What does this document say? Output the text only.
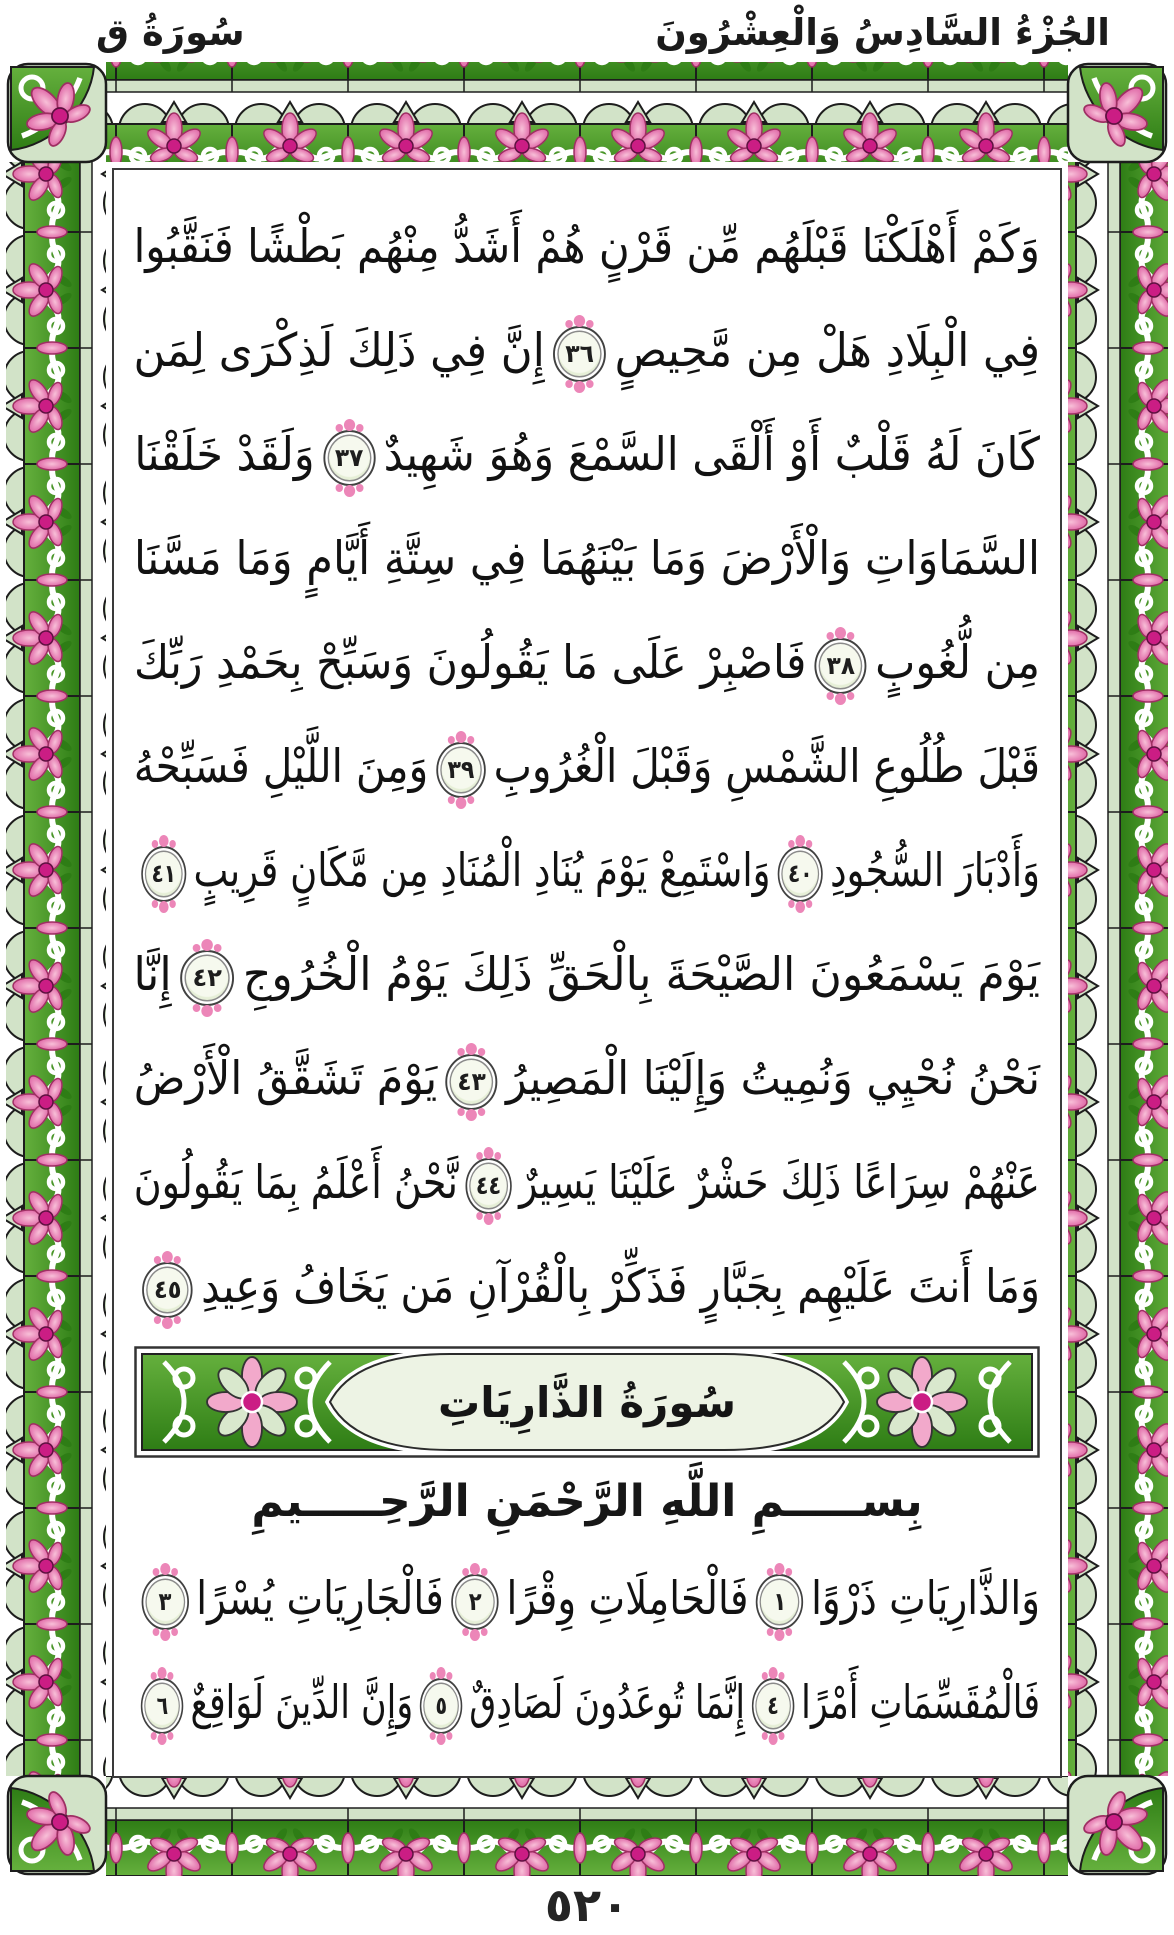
الجُزْءُ السَّادِسُ وَالْعِشْرُونَ
سُورَةُ ق
وَكَمْ أَهْلَكْنَا قَبْلَهُم مِّن قَرْنٍ هُمْ أَشَدُّ مِنْهُم بَطْشًا فَنَقَّبُوا
فِي الْبِلَادِ هَلْ مِن مَّحِيصٍ٣٦إِنَّ فِي ذَلِكَ لَذِكْرَى لِمَن
كَانَ لَهُ قَلْبٌ أَوْ أَلْقَى السَّمْعَ وَهُوَ شَهِيدٌ٣٧وَلَقَدْ خَلَقْنَا
السَّمَاوَاتِ وَالْأَرْضَ وَمَا بَيْنَهُمَا فِي سِتَّةِ أَيَّامٍ وَمَا مَسَّنَا
مِن لُّغُوبٍ٣٨فَاصْبِرْ عَلَى مَا يَقُولُونَ وَسَبِّحْ بِحَمْدِ رَبِّكَ
قَبْلَ طُلُوعِ الشَّمْسِ وَقَبْلَ الْغُرُوبِ٣٩وَمِنَ اللَّيْلِ فَسَبِّحْهُ
وَأَدْبَارَ السُّجُودِ٤٠وَاسْتَمِعْ يَوْمَ يُنَادِ الْمُنَادِ مِن مَّكَانٍ قَرِيبٍ٤١
يَوْمَ يَسْمَعُونَ الصَّيْحَةَ بِالْحَقِّ ذَلِكَ يَوْمُ الْخُرُوجِ٤٢إِنَّا
نَحْنُ نُحْيِي وَنُمِيتُ وَإِلَيْنَا الْمَصِيرُ٤٣يَوْمَ تَشَقَّقُ الْأَرْضُ
عَنْهُمْ سِرَاعًا ذَلِكَ حَشْرٌ عَلَيْنَا يَسِيرٌ٤٤نَّحْنُ أَعْلَمُ بِمَا يَقُولُونَ
وَمَا أَنتَ عَلَيْهِم بِجَبَّارٍ فَذَكِّرْ بِالْقُرْآنِ مَن يَخَافُ وَعِيدِ٤٥
سُورَةُ الذَّارِيَاتِ
بِســـــمِ اللَّهِ الرَّحْمَنِ الرَّحِـــــيمِ
وَالذَّارِيَاتِ ذَرْوًا١فَالْحَامِلَاتِ وِقْرًا٢فَالْجَارِيَاتِ يُسْرًا٣
فَالْمُقَسِّمَاتِ أَمْرًا٤إِنَّمَا تُوعَدُونَ لَصَادِقٌ٥وَإِنَّ الدِّينَ لَوَاقِعٌ٦
٥٢٠
